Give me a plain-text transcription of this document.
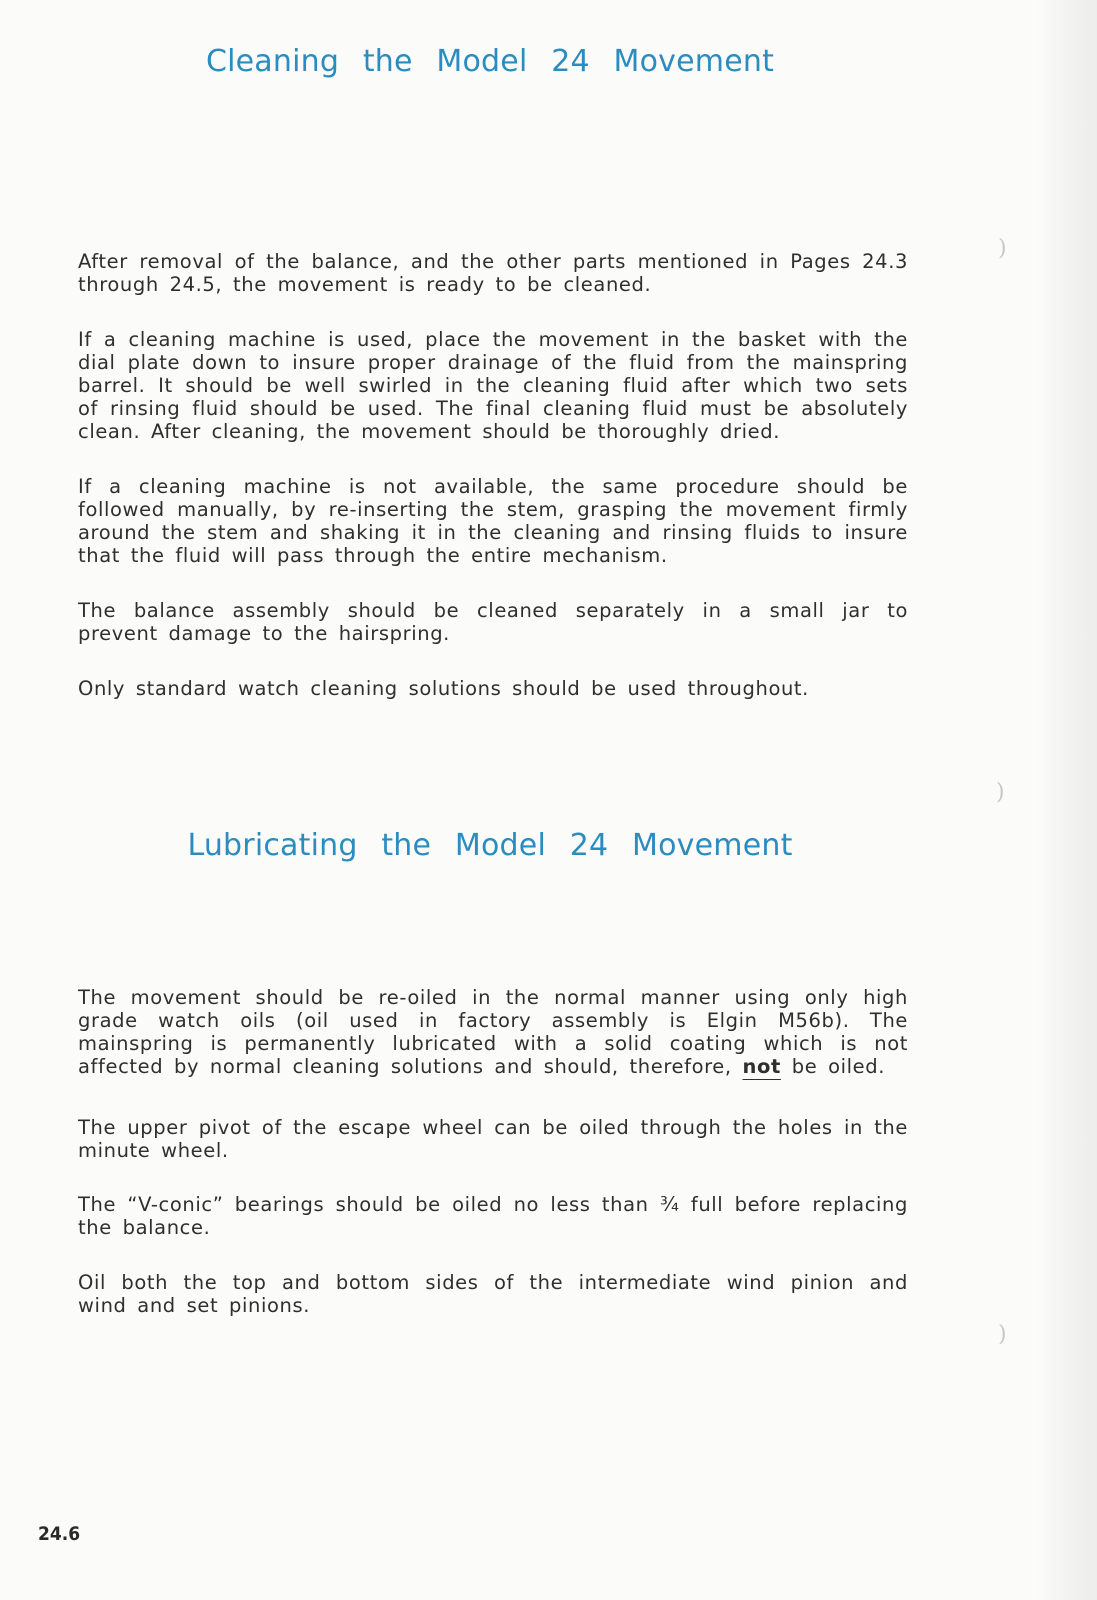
Cleaning the Model 24 Movement

After removal of the balance, and the other parts mentioned in Pages 24.3 through 24.5, the movement is ready to be cleaned.

If a cleaning machine is used, place the movement in the basket with the dial plate down to insure proper drainage of the fluid from the mainspring barrel. It should be well swirled in the cleaning fluid after which two sets of rinsing fluid should be used. The final cleaning fluid must be absolutely clean. After cleaning, the movement should be thoroughly dried.

If a cleaning machine is not available, the same procedure should be followed manually, by re-inserting the stem, grasping the movement firmly around the stem and shaking it in the cleaning and rinsing fluids to insure that the fluid will pass through the entire mechanism.

The balance assembly should be cleaned separately in a small jar to prevent damage to the hairspring.

Only standard watch cleaning solutions should be used throughout.

Lubricating the Model 24 Movement

The movement should be re-oiled in the normal manner using only high grade watch oils (oil used in factory assembly is Elgin M56b). The mainspring is permanently lubricated with a solid coating which is not affected by normal cleaning solutions and should, therefore, not be oiled.

The upper pivot of the escape wheel can be oiled through the holes in the minute wheel.

The “V-conic” bearings should be oiled no less than ¾ full before replacing the balance.

Oil both the top and bottom sides of the intermediate wind pinion and wind and set pinions.

24.6

)
)
)
